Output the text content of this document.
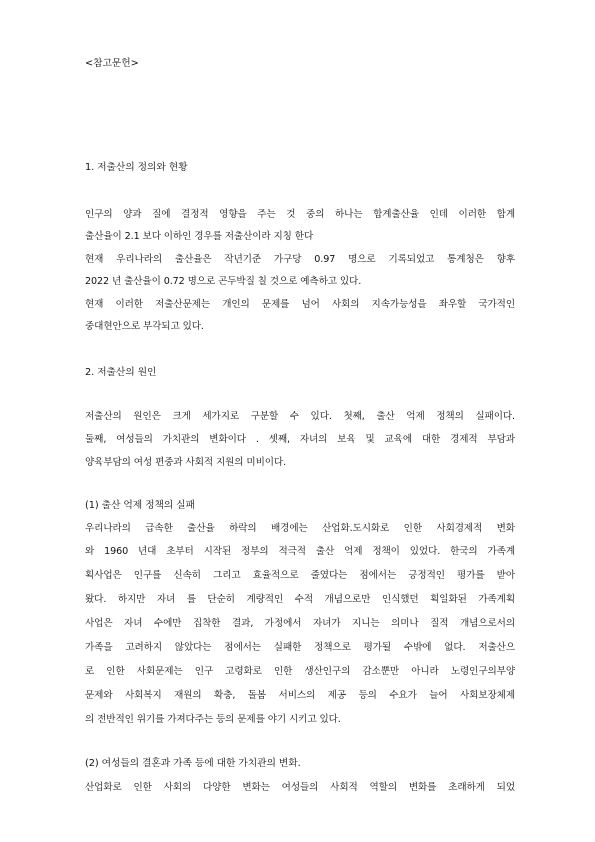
<참고문헌>
1. 저출산의 정의와 현황
인구의 양과 질에 결정적 영향을 주는 것 중의 하나는 합계출산율 인데 이러한 합계
출산율이 2.1 보다 이하인 경우를 저출산이라 지칭 한다
현재 우리나라의 출산율은 작년기준 가구당 0.97 명으로 기록되었고 통계청은 향후
2022 년 출산율이 0.72 명으로 곤두박질 칠 것으로 예측하고 있다.
현재 이러한 저출산문제는 개인의 문제를 넘어 사회의 지속가능성을 좌우할 국가적인
중대현안으로 부각되고 있다.
2. 저출산의 원인
저출산의 원인은 크게 세가지로 구분할 수 있다. 첫째, 출산 억제 정책의 실패이다.
둘째, 여성들의 가치관의 변화이다 . 셋째, 자녀의 보육 및 교육에 대한 경제적 부담과
양육부담의 여성 편중과 사회적 지원의 미비이다.
(1) 출산 억제 정책의 실패
우리나라의 급속한 출산율 하락의 배경에는 산업화.도시화로 인한 사회경제적 변화
와 1960 년대 초부터 시작된 정부의 적극적 출산 억제 정책이 있었다. 한국의 가족계
획사업은 인구를 신속히 그리고 효율적으로 줄였다는 점에서는 긍정적인 평가를 받아
왔다. 하지만 자녀 를 단순히 계량적인 수적 개념으로만 인식했던 획일화된 가족계획
사업은 자녀 수에만 집착한 결과, 가정에서 자녀가 지니는 의미나 질적 개념으로서의
가족을 고려하지 않았다는 점에서는 실패한 정책으로 평가될 수밖에 없다. 저출산으
로 인한 사회문제는 인구 고령화로 인한 생산인구의 감소뿐만 아니라 노령인구의부양
문제와 사회복지 재원의 확충, 돌봄 서비스의 제공 등의 수요가 늘어 사회보장체제
의 전반적인 위기를 가져다주는 등의 문제를 야기 시키고 있다.
(2) 여성들의 결혼과 가족 등에 대한 가치관의 변화.
산업화로 인한 사회의 다양한 변화는 여성들의 사회적 역할의 변화를 초래하게 되었
